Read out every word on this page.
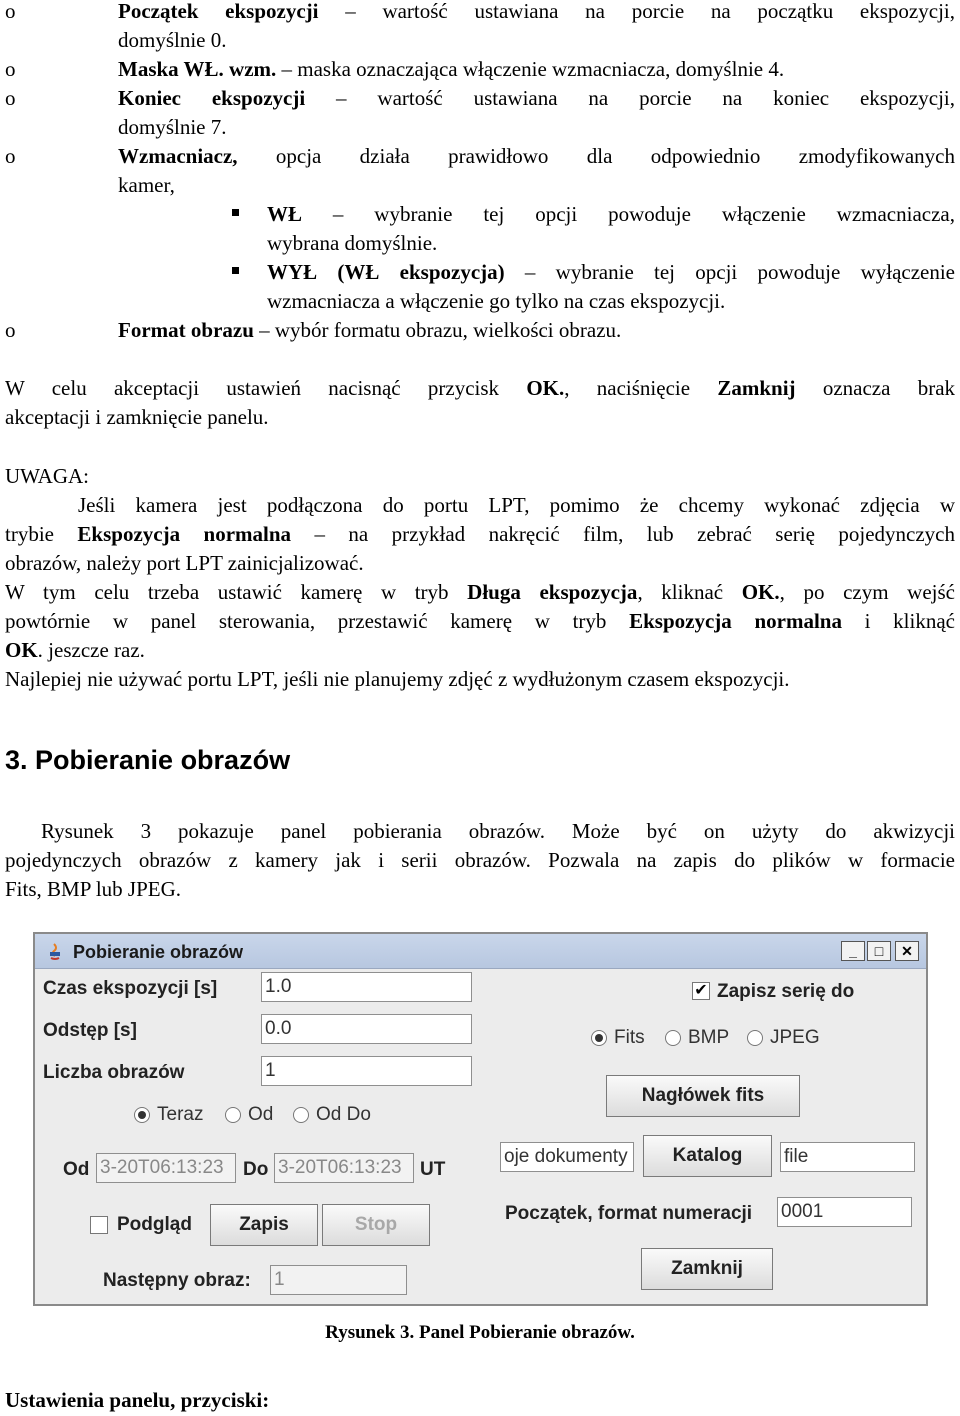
o	Początek ekspozycji – wartość ustawiana na porcie na początku ekspozycji,
domyślnie 0.
o	Maska WŁ. wzm. – maska oznaczająca włączenie wzmacniacza, domyślnie 4.
o	Koniec ekspozycji – wartość ustawiana na porcie na koniec ekspozycji,
domyślnie 7.
o	Wzmacniacz, opcja działa prawidłowo dla odpowiednio zmodyfikowanych
kamer,
WŁ – wybranie tej opcji powoduje włączenie wzmacniacza,
wybrana domyślnie.
WYŁ (WŁ ekspozycja) – wybranie tej opcji powoduje wyłączenie
wzmacniacza a włączenie go tylko na czas ekspozycji.
o	Format obrazu – wybór formatu obrazu, wielkości obrazu.
W celu akceptacji ustawień nacisnąć przycisk OK., naciśnięcie Zamknij oznacza brak
akceptacji i zamknięcie panelu.
UWAGA:
Jeśli kamera jest podłączona do portu LPT, pomimo że chcemy wykonać zdjęcia w
trybie Ekspozycja normalna – na przykład nakręcić film, lub zebrać serię pojedynczych
obrazów, należy port LPT zainicjalizować.
W tym celu trzeba ustawić kamerę w tryb Długa ekspozycja, kliknać OK., po czym wejść
powtórnie w panel sterowania, przestawić kamerę w tryb Ekspozycja normalna i kliknąć
OK. jeszcze raz.
Najlepiej nie używać portu LPT, jeśli nie planujemy zdjęć z wydłużonym czasem ekspozycji.
3. Pobieranie obrazów
Rysunek 3 pokazuje panel pobierania obrazów. Może być on użyty do akwizycji
pojedynczych obrazów z kamery jak i serii obrazów. Pozwala na zapis do plików w formacie
Fits, BMP lub JPEG.
Pobieranie obrazów	_	□	✕
Czas ekspozycji [s]	1.0
Odstęp [s]	0.0
Liczba obrazów	1
Teraz Od Od Do
Od 3-20T06:13:23	Do 3-20T06:13:23 UT
Podgląd	Zapis	Stop
Następny obraz: 1
✔ Zapisz serię do
Fits BMP JPEG
Nagłówek fits
oje dokumenty	Katalog	file
Początek, format numeracji 0001
Zamknij
Rysunek 3. Panel Pobieranie obrazów.
Ustawienia panelu, przyciski:
